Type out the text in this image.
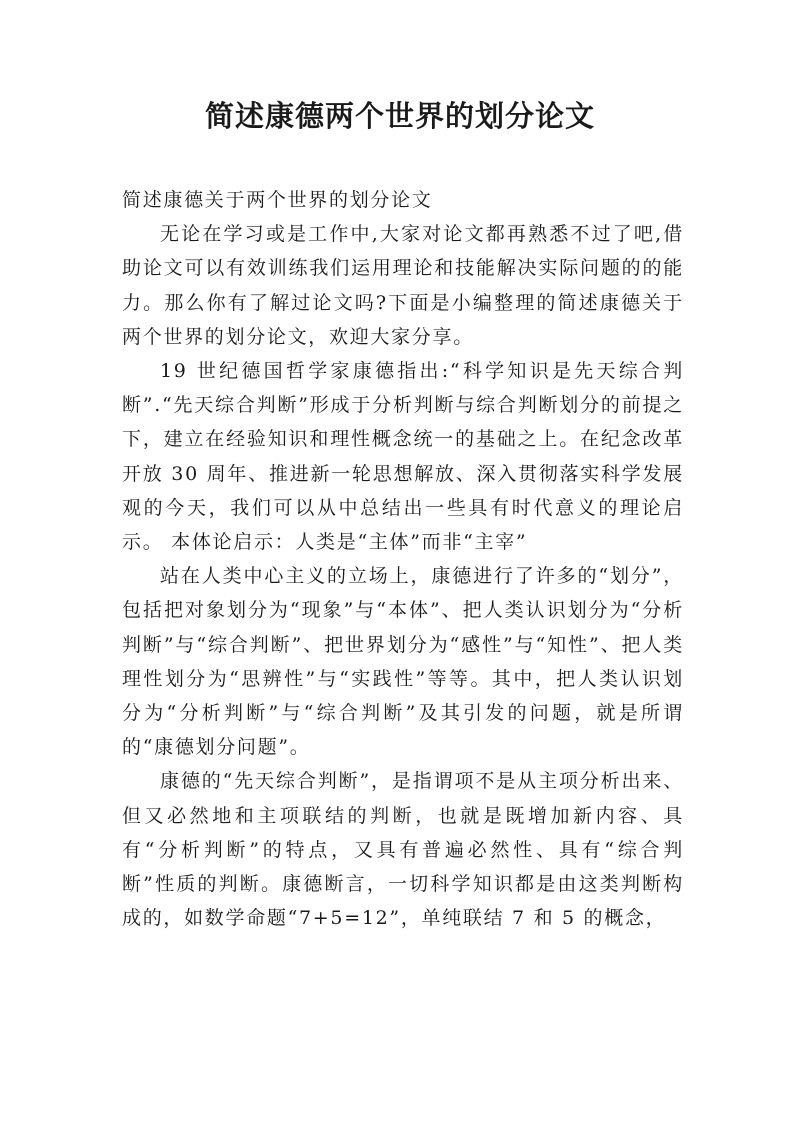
简述康德两个世界的划分论文

简述康德关于两个世界的划分论文

无论在学习或是工作中,大家对论文都再熟悉不过了吧,借助论文可以有效训练我们运用理论和技能解决实际问题的的能力。那么你有了解过论文吗?下面是小编整理的简述康德关于两个世界的划分论文，欢迎大家分享。

19 世纪德国哲学家康德指出:“科学知识是先天综合判断”.“先天综合判断”形成于分析判断与综合判断划分的前提之下，建立在经验知识和理性概念统一的基础之上。在纪念改革开放 30 周年、推进新一轮思想解放、深入贯彻落实科学发展观的今天，我们可以从中总结出一些具有时代意义的理论启示。 本体论启示：人类是“主体”而非“主宰”

站在人类中心主义的立场上，康德进行了许多的“划分”，包括把对象划分为“现象”与“本体”、把人类认识划分为“分析判断”与“综合判断”、把世界划分为“感性”与“知性”、把人类理性划分为“思辨性”与“实践性”等等。其中，把人类认识划分为“分析判断”与“综合判断”及其引发的问题，就是所谓的“康德划分问题”。

康德的“先天综合判断”，是指谓项不是从主项分析出来、但又必然地和主项联结的判断，也就是既增加新内容、具有“分析判断”的特点，又具有普遍必然性、具有“综合判断”性质的判断。康德断言，一切科学知识都是由这类判断构成的，如数学命题“7+5=12”，单纯联结 7 和 5 的概念，
